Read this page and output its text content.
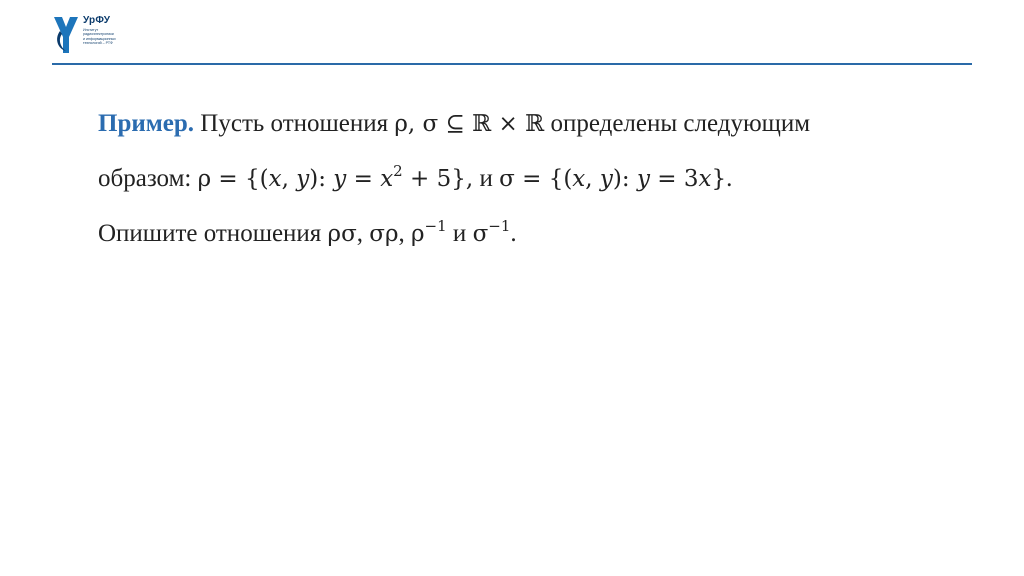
УрФУ
Институт
радиоэлектроники
и информационных
технологий – РТФ
Пример. Пусть отношения ρ, σ ⊆ ℝ × ℝ определены следующим
образом: ρ = {(x, y): $y = x^2 + 5$}, и σ = {(x, y): y = 3x}.
Опишите отношения ρσ, σρ, $\rho^{-1}$ и $\sigma^{-1}$.
